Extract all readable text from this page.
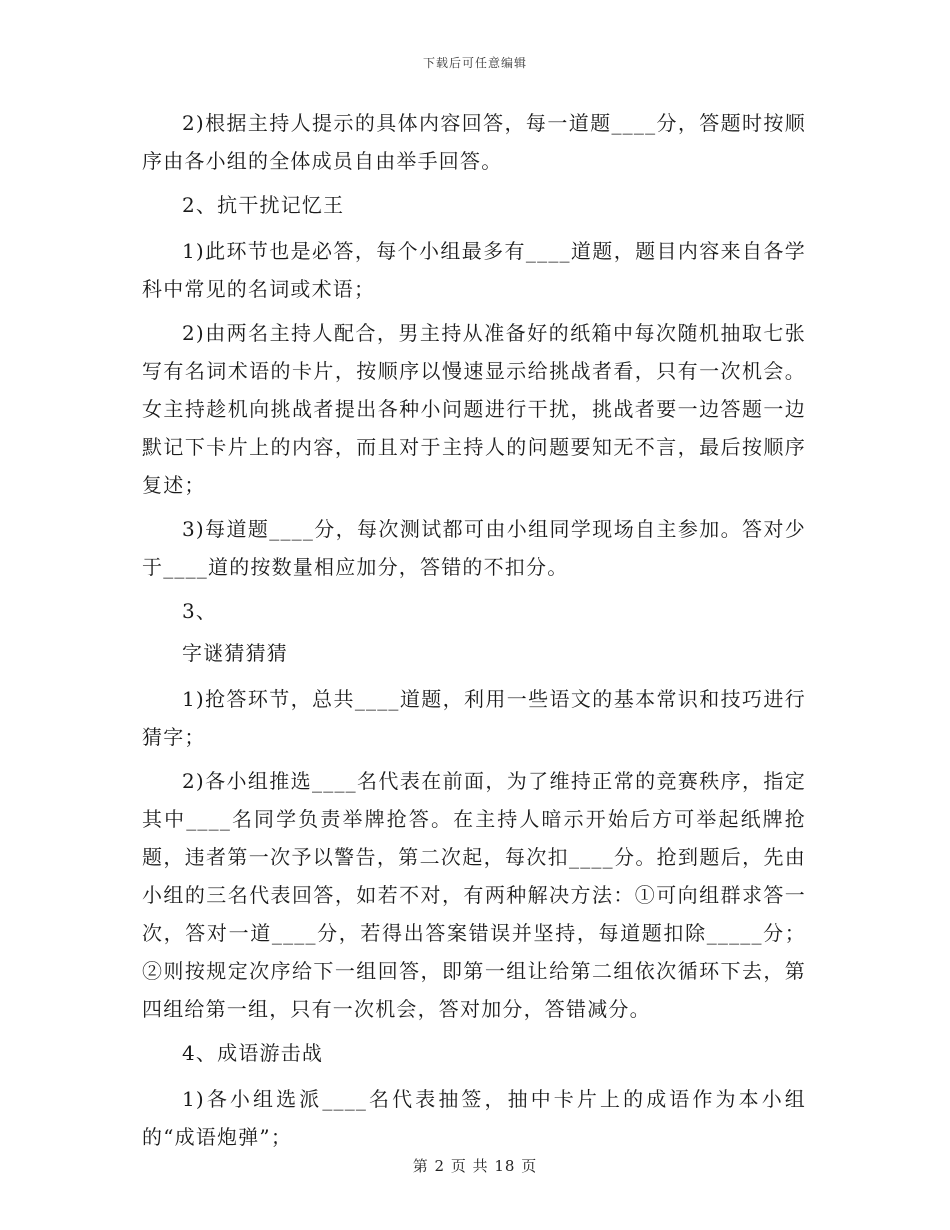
下载后可任意编辑

2)根据主持人提示的具体内容回答，每一道题____分，答题时按顺序由各小组的全体成员自由举手回答。

2、抗干扰记忆王

1)此环节也是必答，每个小组最多有____道题，题目内容来自各学科中常见的名词或术语；

2)由两名主持人配合，男主持从准备好的纸箱中每次随机抽取七张写有名词术语的卡片，按顺序以慢速显示给挑战者看，只有一次机会。女主持趁机向挑战者提出各种小问题进行干扰，挑战者要一边答题一边默记下卡片上的内容，而且对于主持人的问题要知无不言，最后按顺序复述；

3)每道题____分，每次测试都可由小组同学现场自主参加。答对少于____道的按数量相应加分，答错的不扣分。

3、

字谜猜猜猜

1)抢答环节，总共____道题，利用一些语文的基本常识和技巧进行猜字；

2)各小组推选____名代表在前面，为了维持正常的竞赛秩序，指定其中____名同学负责举牌抢答。在主持人暗示开始后方可举起纸牌抢题，违者第一次予以警告，第二次起，每次扣____分。抢到题后，先由小组的三名代表回答，如若不对，有两种解决方法：①可向组群求答一次，答对一道____分，若得出答案错误并坚持，每道题扣除_____分；②则按规定次序给下一组回答，即第一组让给第二组依次循环下去，第四组给第一组，只有一次机会，答对加分，答错减分。

4、成语游击战

1)各小组选派____名代表抽签，抽中卡片上的成语作为本小组的“成语炮弹”；

第 2 页 共 18 页
